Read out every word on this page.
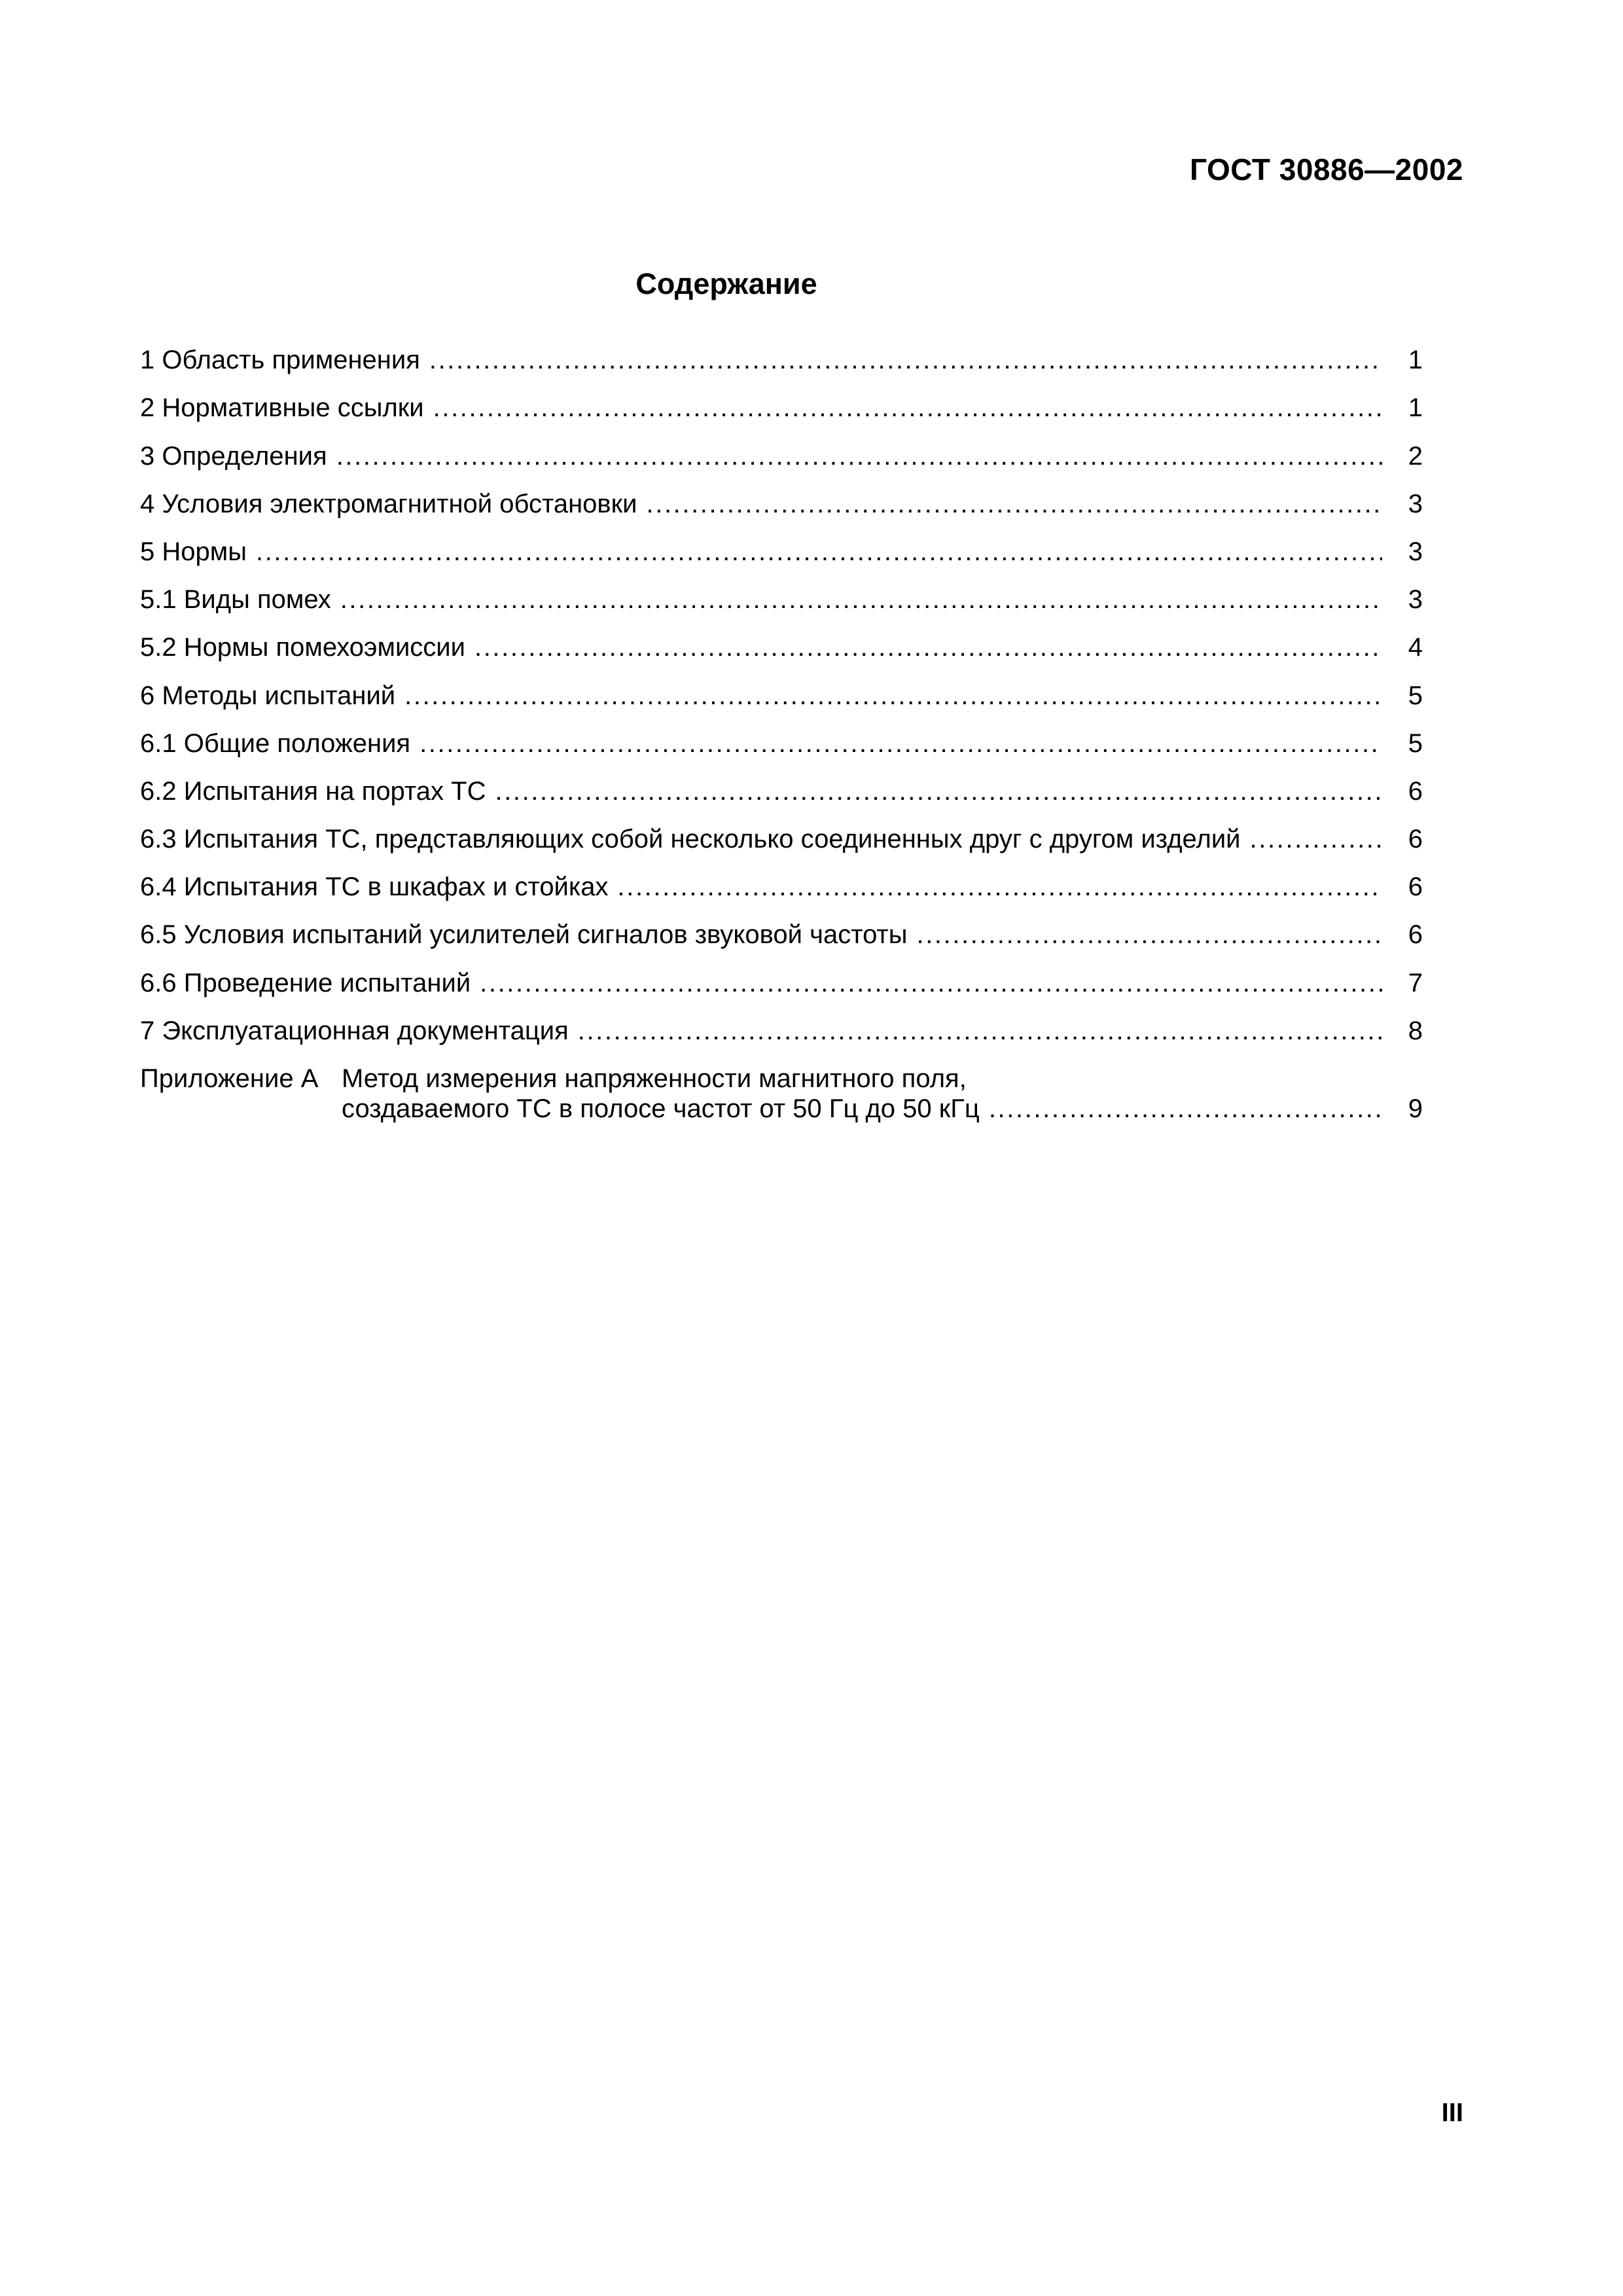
ГОСТ 30886—2002
Содержание
1 Область применения .....	1
2 Нормативные ссылки .....	1
3 Определения .....	2
4 Условия электромагнитной обстановки .....	3
5 Нормы .....	3
5.1 Виды помех .....	3
5.2 Нормы помехоэмиссии .....	4
6 Методы испытаний .....	5
6.1 Общие положения .....	5
6.2 Испытания на портах ТС .....	6
6.3 Испытания ТС, представляющих собой несколько соединенных друг с другом изделий .....	6
6.4 Испытания ТС в шкафах и стойках .....	6
6.5 Условия испытаний усилителей сигналов звуковой частоты .....	6
6.6 Проведение испытаний .....	7
7 Эксплуатационная документация .....	8
Приложение А Метод измерения напряженности магнитного поля,
создаваемого ТС в полосе частот от 50 Гц до 50 кГц .....	9
III
